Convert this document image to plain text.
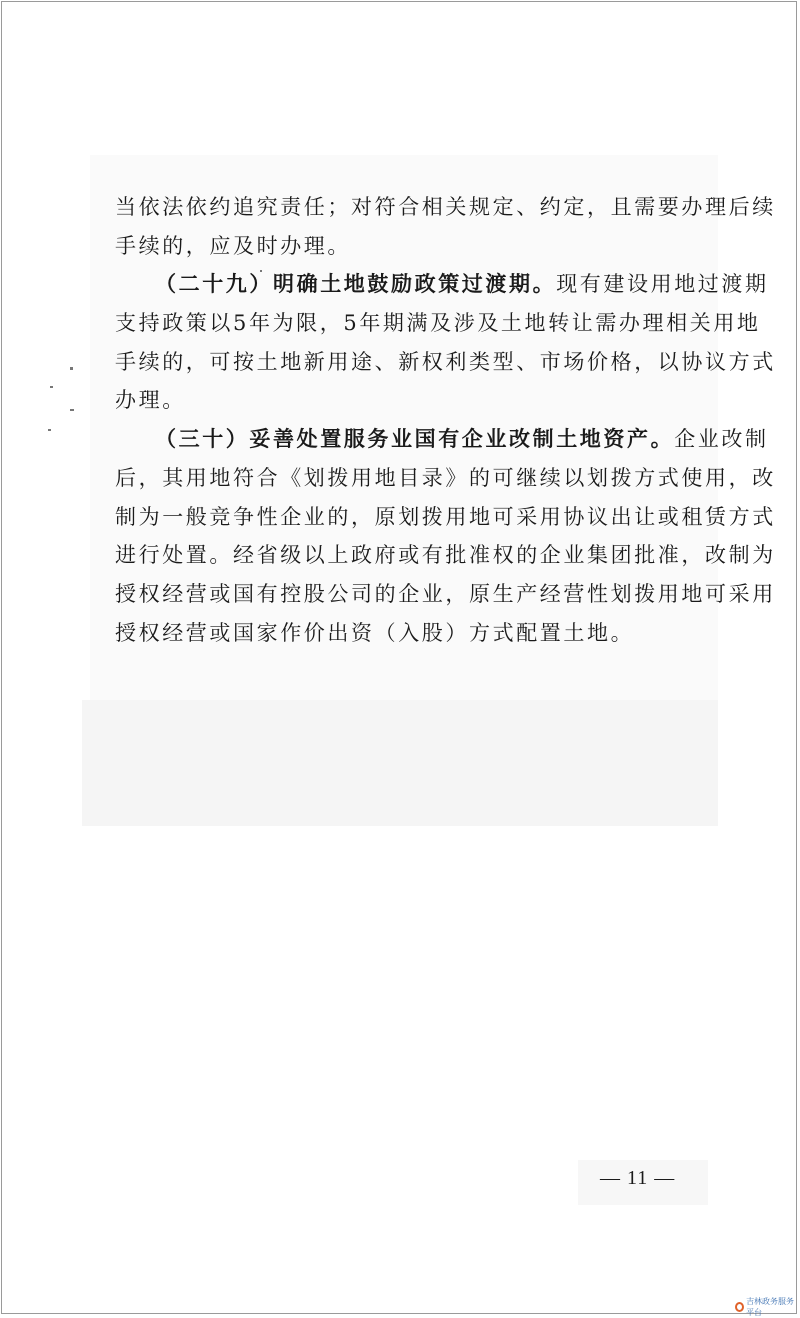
当依法依约追究责任；对符合相关规定、约定，且需要办理后续
手续的，应及时办理。
（二十九）明确土地鼓励政策过渡期。现有建设用地过渡期
支持政策以5年为限，5年期满及涉及土地转让需办理相关用地
手续的，可按土地新用途、新权利类型、市场价格，以协议方式
办理。
（三十）妥善处置服务业国有企业改制土地资产。企业改制
后，其用地符合《划拨用地目录》的可继续以划拨方式使用，改
制为一般竞争性企业的，原划拨用地可采用协议出让或租赁方式
进行处置。经省级以上政府或有批准权的企业集团批准，改制为
授权经营或国有控股公司的企业，原生产经营性划拨用地可采用
授权经营或国家作价出资（入股）方式配置土地。
— 11 —
吉林政务服务平台
